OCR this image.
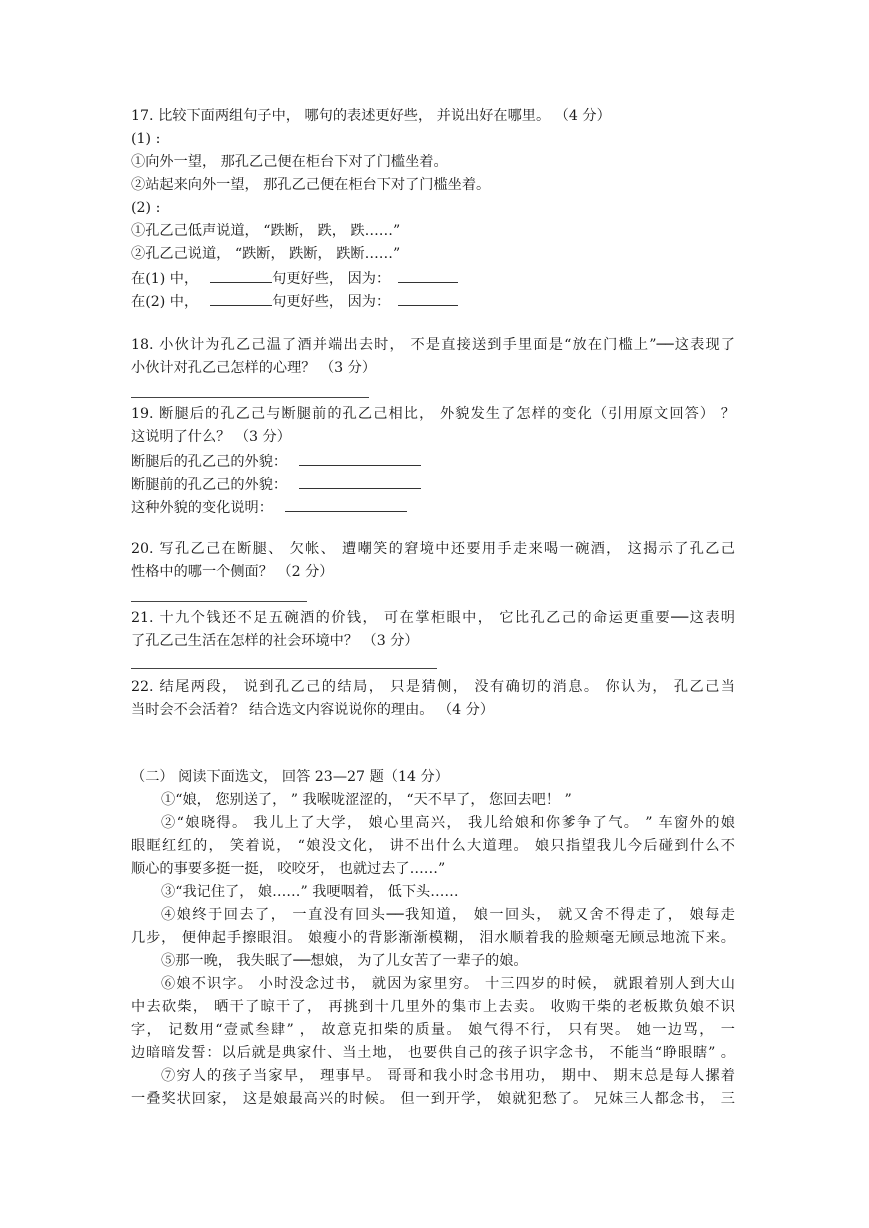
17. 比较下面两组句子中， 哪句的表述更好些， 并说出好在哪里。 （4 分）
(1) :
①向外一望， 那孔乙己便在柜台下对了门槛坐着。
②站起来向外一望， 那孔乙己便在柜台下对了门槛坐着。
(2) :
①孔乙己低声说道， “跌断， 跌， 跌……”
②孔乙己说道， “跌断， 跌断， 跌断……”
在(1) 中，	句更好些， 因为：
在(2) 中，	句更好些， 因为：
18. 小伙计为孔乙己温了酒并端出去时， 不是直接送到手里面是“放在门槛上”──这表现了
小伙计对孔乙己怎样的心理？ （3 分）
19. 断腿后的孔乙己与断腿前的孔乙己相比， 外貌发生了怎样的变化（引用原文回答） ？
这说明了什么？ （3 分）
断腿后的孔乙己的外貌：
断腿前的孔乙己的外貌：
这种外貌的变化说明：
20. 写孔乙己在断腿、 欠帐、 遭嘲笑的窘境中还要用手走来喝一碗酒， 这揭示了孔乙己
性格中的哪一个侧面？ （2 分）
21. 十九个钱还不足五碗酒的价钱， 可在掌柜眼中， 它比孔乙己的命运更重要──这表明
了孔乙己生活在怎样的社会环境中？ （3 分）
22. 结尾两段， 说到孔乙己的结局， 只是猜侧， 没有确切的消息。 你认为， 孔乙己当
当时会不会活着？ 结合选文内容说说你的理由。 （4 分）
（二） 阅读下面选文， 回答 23—27 题（14 分）
①“娘， 您别送了， ” 我喉咙涩涩的， “天不早了， 您回去吧！ ”
②“娘晓得。 我儿上了大学， 娘心里高兴， 我儿给娘和你爹争了气。 ” 车窗外的娘
眼眶红红的， 笑着说， “娘没文化， 讲不出什么大道理。 娘只指望我儿今后碰到什么不
顺心的事要多挺一挺， 咬咬牙， 也就过去了……”
③“我记住了， 娘……” 我哽咽着， 低下头……
④娘终于回去了， 一直没有回头──我知道， 娘一回头， 就又舍不得走了， 娘每走
几步， 便伸起手擦眼泪。 娘瘦小的背影渐渐模糊， 泪水顺着我的脸颊毫无顾忌地流下来。
⑤那一晚， 我失眠了──想娘， 为了儿女苦了一辈子的娘。
⑥娘不识字。 小时没念过书， 就因为家里穷。 十三四岁的时候， 就跟着别人到大山
中去砍柴， 晒干了晾干了， 再挑到十几里外的集市上去卖。 收购干柴的老板欺负娘不识
字， 记数用“壹贰叁肆” ， 故意克扣柴的质量。 娘气得不行， 只有哭。 她一边骂， 一
边暗暗发誓：以后就是典家什、当土地， 也要供自己的孩子识字念书， 不能当“睁眼瞎” 。
⑦穷人的孩子当家早， 理事早。 哥哥和我小时念书用功， 期中、 期末总是每人摞着
一叠奖状回家， 这是娘最高兴的时候。 但一到开学， 娘就犯愁了。 兄妹三人都念书， 三
